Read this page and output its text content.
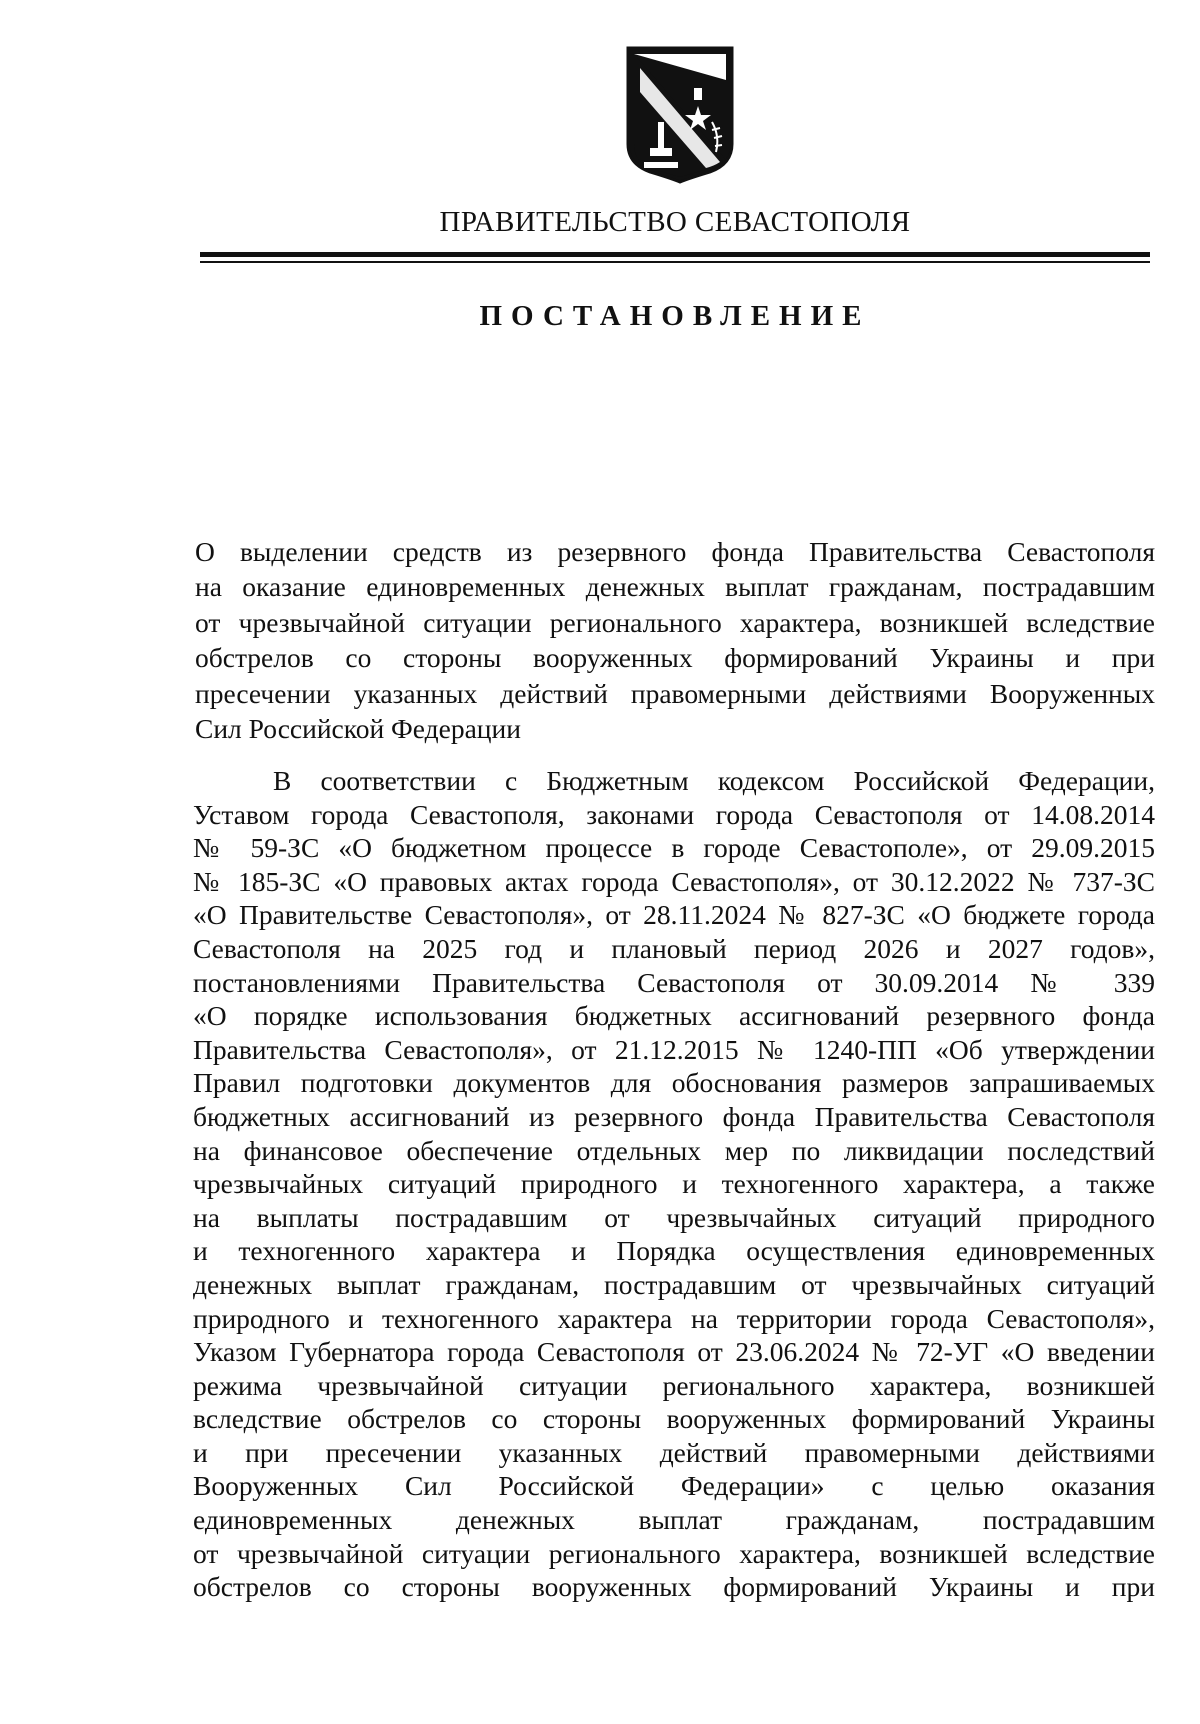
ПРАВИТЕЛЬСТВО СЕВАСТОПОЛЯ
ПОСТАНОВЛЕНИЕ
О выделении средств из резервного фонда Правительства Севастополя
на оказание единовременных денежных выплат гражданам, пострадавшим
от чрезвычайной ситуации регионального характера, возникшей вследствие
обстрелов со стороны вооруженных формирований Украины и при
пресечении указанных действий правомерными действиями Вооруженных
Сил Российской Федерации
В соответствии с Бюджетным кодексом Российской Федерации,
Уставом города Севастополя, законами города Севастополя от 14.08.2014
№ 59-ЗС «О бюджетном процессе в городе Севастополе», от 29.09.2015
№ 185-ЗС «О правовых актах города Севастополя», от 30.12.2022 № 737-ЗС
«О Правительстве Севастополя», от 28.11.2024 № 827-ЗС «О бюджете города
Севастополя на 2025 год и плановый период 2026 и 2027 годов»,
постановлениями Правительства Севастополя от 30.09.2014 № 339
«О порядке использования бюджетных ассигнований резервного фонда
Правительства Севастополя», от 21.12.2015 № 1240-ПП «Об утверждении
Правил подготовки документов для обоснования размеров запрашиваемых
бюджетных ассигнований из резервного фонда Правительства Севастополя
на финансовое обеспечение отдельных мер по ликвидации последствий
чрезвычайных ситуаций природного и техногенного характера, а также
на выплаты пострадавшим от чрезвычайных ситуаций природного
и техногенного характера и Порядка осуществления единовременных
денежных выплат гражданам, пострадавшим от чрезвычайных ситуаций
природного и техногенного характера на территории города Севастополя»,
Указом Губернатора города Севастополя от 23.06.2024 № 72-УГ «О введении
режима чрезвычайной ситуации регионального характера, возникшей
вследствие обстрелов со стороны вооруженных формирований Украины
и при пресечении указанных действий правомерными действиями
Вооруженных Сил Российской Федерации» с целью оказания
единовременных денежных выплат гражданам, пострадавшим
от чрезвычайной ситуации регионального характера, возникшей вследствие
обстрелов со стороны вооруженных формирований Украины и при
